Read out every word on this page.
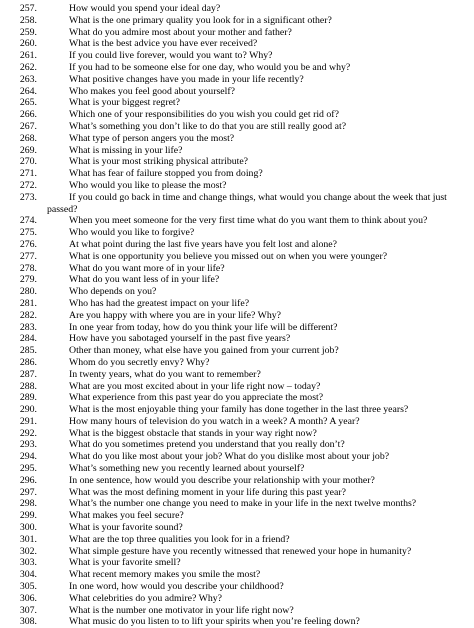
257.	How would you spend your ideal day?
258.	What is the one primary quality you look for in a significant other?
259.	What do you admire most about your mother and father?
260.	What is the best advice you have ever received?
261.	If you could live forever, would you want to? Why?
262.	If you had to be someone else for one day, who would you be and why?
263.	What positive changes have you made in your life recently?
264.	Who makes you feel good about yourself?
265.	What is your biggest regret?
266.	Which one of your responsibilities do you wish you could get rid of?
267.	What’s something you don’t like to do that you are still really good at?
268.	What type of person angers you the most?
269.	What is missing in your life?
270.	What is your most striking physical attribute?
271.	What has fear of failure stopped you from doing?
272.	Who would you like to please the most?
273.	If you could go back in time and change things, what would you change about the week that just
passed?
274.	When you meet someone for the very first time what do you want them to think about you?
275.	Who would you like to forgive?
276.	At what point during the last five years have you felt lost and alone?
277.	What is one opportunity you believe you missed out on when you were younger?
278.	What do you want more of in your life?
279.	What do you want less of in your life?
280.	Who depends on you?
281.	Who has had the greatest impact on your life?
282.	Are you happy with where you are in your life? Why?
283.	In one year from today, how do you think your life will be different?
284.	How have you sabotaged yourself in the past five years?
285.	Other than money, what else have you gained from your current job?
286.	Whom do you secretly envy? Why?
287.	In twenty years, what do you want to remember?
288.	What are you most excited about in your life right now – today?
289.	What experience from this past year do you appreciate the most?
290.	What is the most enjoyable thing your family has done together in the last three years?
291.	How many hours of television do you watch in a week? A month? A year?
292.	What is the biggest obstacle that stands in your way right now?
293.	What do you sometimes pretend you understand that you really don’t?
294.	What do you like most about your job? What do you dislike most about your job?
295.	What’s something new you recently learned about yourself?
296.	In one sentence, how would you describe your relationship with your mother?
297.	What was the most defining moment in your life during this past year?
298.	What’s the number one change you need to make in your life in the next twelve months?
299.	What makes you feel secure?
300.	What is your favorite sound?
301.	What are the top three qualities you look for in a friend?
302.	What simple gesture have you recently witnessed that renewed your hope in humanity?
303.	What is your favorite smell?
304.	What recent memory makes you smile the most?
305.	In one word, how would you describe your childhood?
306.	What celebrities do you admire? Why?
307.	What is the number one motivator in your life right now?
308.	What music do you listen to to lift your spirits when you’re feeling down?
